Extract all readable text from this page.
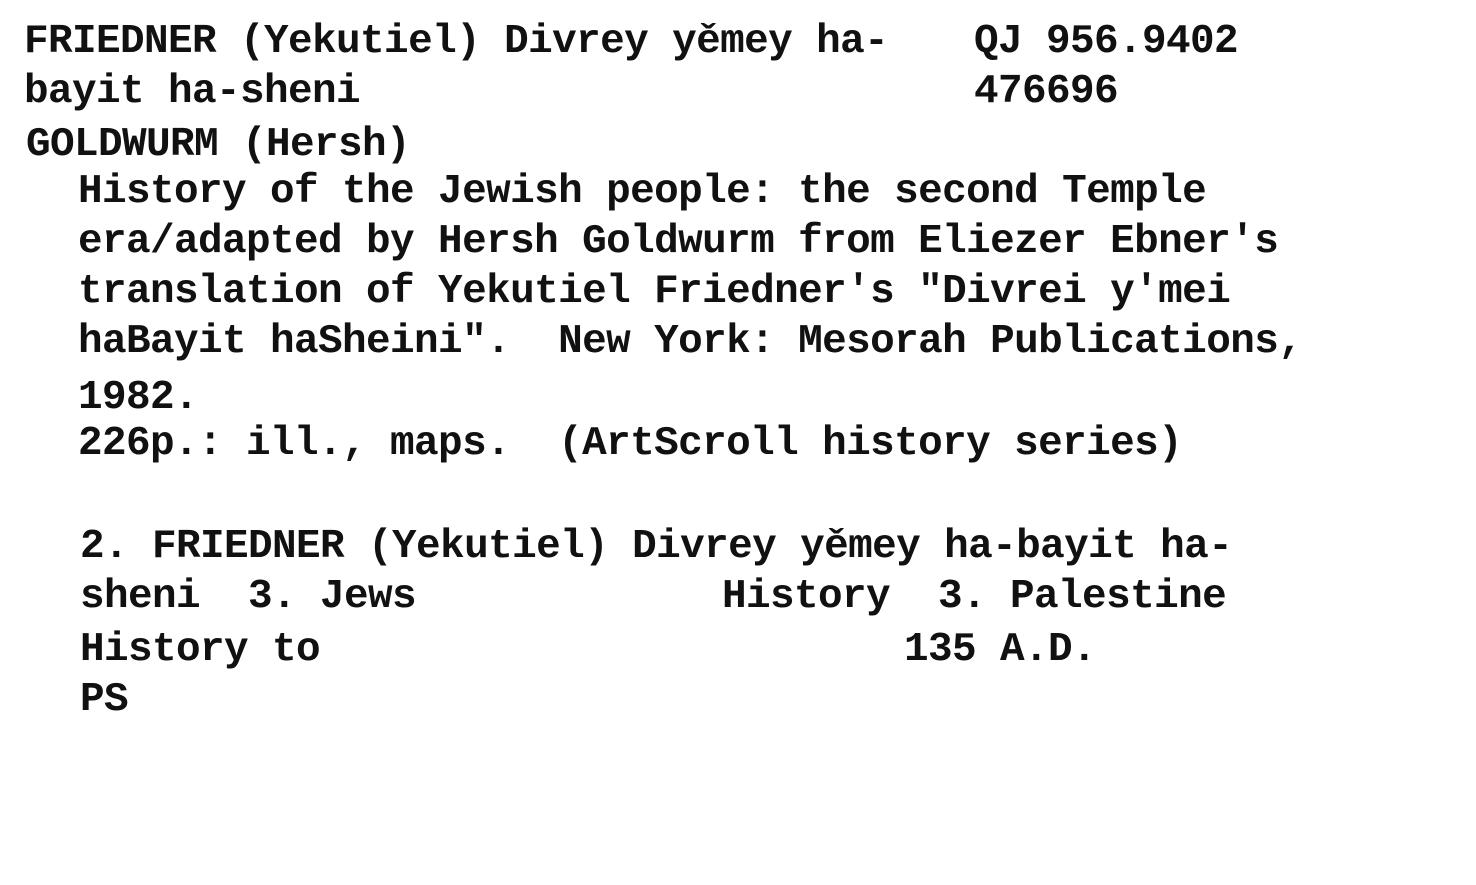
FRIEDNER (Yekutiel) Divrey yěmey ha-
bayit ha-sheni
QJ 956.9402
476696
GOLDWURM (Hersh)
History of the Jewish people: the second Temple
era/adapted by Hersh Goldwurm from Eliezer Ebner's
translation of Yekutiel Friedner's "Divrei y'mei
haBayit haSheini".  New York: Mesorah Publications,
1982.
226p.: ill., maps.  (ArtScroll history series)
2. FRIEDNER (Yekutiel) Divrey yěmey ha-bayit ha-
sheni  3. Jews	History  3. Palestine
History to	135 A.D.
PS
